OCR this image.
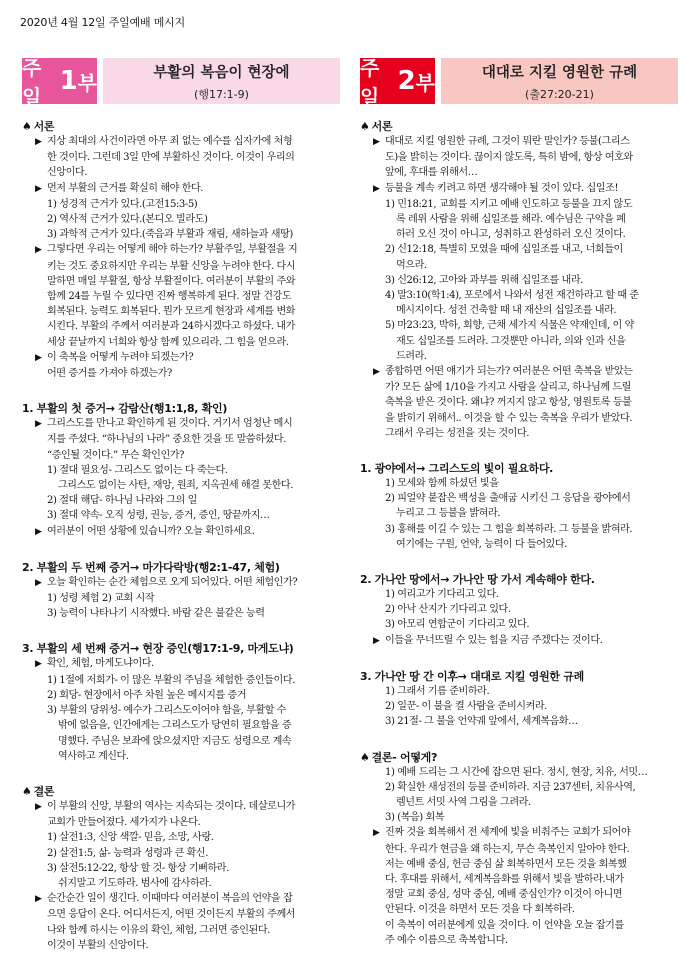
2020년 4월 12일 주일예배 메시지
주일
1 부	부활의 복음이 현장에
(행17:1-9)
♠ 서론
▶ 지상 최대의 사건이라면 아무 죄 없는 예수를 십자가에 처형
한 것이다. 그런데 3일 만에 부활하신 것이다. 이것이 우리의
신앙이다.
▶ 먼저 부활의 근거를 확실히 해야 한다.
1) 성경적 근거가 있다.(고전15:3-5)
2) 역사적 근거가 있다.(본디오 빌라도)
3) 과학적 근거가 있다.(죽음과 부활과 재림, 새하늘과 새땅)
▶ 그렇다면 우리는 어떻게 해야 하는가? 부활주일, 부활절을 지
키는 것도 중요하지만 우리는 부활 신앙을 누려야 한다. 다시
말하면 매일 부활절, 항상 부활절이다. 여러분이 부활의 주와
함께 24를 누릴 수 있다면 진짜 행복하게 된다. 정말 건강도
회복된다. 능력도 회복된다. 뭔가 모르게 현장과 세계를 변화
시킨다. 부활의 주께서 여러분과 24하시겠다고 하셨다. 내가
세상 끝날까지 너희와 항상 함께 있으리라. 그 힘을 얻으라.
▶ 이 축복을 어떻게 누려야 되겠는가?
어떤 증거를 가져야 하겠는가?
1. 부활의 첫 증거→ 감람산(행1:1,8, 확인)
▶ 그리스도를 만나고 확인하게 된 것이다. 거기서 엄청난 메시
지를 주셨다. “하나님의 나라” 중요한 것을 또 말씀하셨다.
“증인될 것이다.” 무슨 확인인가?
1) 절대 필요성- 그리스도 없이는 다 죽는다.
그리스도 없이는 사탄, 재앙, 원죄, 지옥권세 해결 못한다.
2) 절대 해답- 하나님 나라와 그의 일
3) 절대 약속- 오직 성령, 권능, 증거, 증인, 땅끝까지…
▶ 여러분이 어떤 상황에 있습니까? 오늘 확인하세요.
2. 부활의 두 번째 증거→ 마가다락방(행2:1-47, 체험)
▶ 오늘 확인하는 순간 체험으로 오게 되어있다. 어떤 체험인가?
1) 성령 체험 2) 교회 시작
3) 능력이 나타나기 시작했다. 바람 같은 불같은 능력
3. 부활의 세 번째 증거→ 현장 증인(행17:1-9, 마게도냐)
▶ 확인, 체험, 마게도냐이다.
1) 1절에 저희가- 이 많은 부활의 주님을 체험한 증인들이다.
2) 회당- 현장에서 아주 차원 높은 메시지를 증거
3) 부활의 당위성- 예수가 그리스도이어야 함을, 부활할 수
밖에 없음을, 인간에게는 그리스도가 당연히 필요함을 증
명했다. 주님은 보좌에 앉으셨지만 지금도 성령으로 계속
역사하고 계신다.
♠ 결론
▶ 이 부활의 신앙, 부활의 역사는 지속되는 것이다. 데살로니가
교회가 만들어졌다. 세가지가 나온다.
1) 살전1:3, 신앙 색깔- 믿음, 소망, 사랑.
2) 살전1:5, 삶- 능력과 성령과 큰 확신.
3) 살전5:12-22, 항상 할 것- 항상 기뻐하라.
쉬지말고 기도하라. 범사에 감사하라.
▶ 순간순간 일이 생긴다. 이때마다 여러분이 복음의 언약을 잡
으면 응답이 온다. 어디서든지, 어떤 것이든지 부활의 주께서
나와 함께 하시는 이유의 확인, 체험, 그러면 증인된다.
이것이 부활의 신앙이다.
주일
2 부	대대로 지킬 영원한 규례
(출27:20-21)
♠ 서론
▶ 대대로 지킬 영원한 규례, 그것이 뭐란 말인가? 등불(그리스
도)을 밝히는 것이다. 끊이지 않도록, 특히 밤에, 항상 여호와
앞에, 후대를 위해서…
▶ 등불을 계속 키려고 하면 생각해야 될 것이 있다. 십일조!
1) 민18:21, 교회를 지키고 예배 인도하고 등불을 끄지 않도
록 레위 사람을 위해 십일조를 해라. 예수님은 구약을 폐
하러 오신 것이 아니고, 성취하고 완성하러 오신 것이다.
2) 신12:18, 특별히 모였을 때에 십일조를 내고, 너희들이
먹으라.
3) 신26:12, 고아와 과부를 위해 십일조를 내라.
4) 말3:10(학1:4), 포로에서 나와서 성전 재건하라고 할 때 준
메시지이다. 성전 건축할 때 내 재산의 십일조를 내라.
5) 마23:23, 박하, 회향, 근채 세가지 식물은 약재인데, 이 약
재도 십일조를 드려라. 그것뿐만 아니라, 의와 인과 신을
드려라.
▶ 종합하면 어떤 얘기가 되는가? 여러분은 어떤 축복을 받았는
가? 모든 삶에 1/10을 가지고 사람을 살리고, 하나님께 드릴
축복을 받은 것이다. 왜냐? 꺼지지 않고 항상, 영원토록 등불
을 밝히기 위해서.. 이것을 할 수 있는 축복을 우리가 받았다.
그래서 우리는 성전을 짓는 것이다.
1. 광야에서→ 그리스도의 빛이 필요하다.
1) 모세와 함께 하셨던 빛을
2) 피얼약 붙잡은 백성을 출애굽 시키신 그 응답을 광야에서
누리고 그 등불을 밝혀라.
3) 홍해를 이길 수 있는 그 힘을 회복하라. 그 등불을 밝혀라.
여기에는 구원, 언약, 능력이 다 들어있다.
2. 가나안 땅에서→ 가나안 땅 가서 계속해야 한다.
1) 여리고가 기다리고 있다.
2) 아낙 산지가 기다리고 있다.
3) 아모리 연합군이 기다리고 있다.
▶ 이들을 무너뜨릴 수 있는 힘을 지금 주겠다는 것이다.
3. 가나안 땅 간 이후→ 대대로 지킬 영원한 규례
1) 그래서 기름 준비하라.
2) 일꾼- 이 불을 켤 사람을 준비시켜라.
3) 21절- 그 불을 언약궤 앞에서, 세계복음화…
♠ 결론- 어떻게?
1) 예배 드리는 그 시간에 잡으면 된다. 정시, 현장, 치유, 서밋…
2) 확실한 새성전의 등불 준비하라. 지금 237센터, 치유사역,
렘넌트 서밋 사역 그림을 그려라.
3) (복음) 회복
▶ 진짜 것을 회복해서 전 세계에 빛을 비춰주는 교회가 되어야
한다. 우리가 현금을 왜 하는지, 무슨 축복인지 알아야 한다.
저는 예배 중심, 헌금 중심 삶 회복하면서 모든 것을 회복했
다. 후대를 위해서, 세계복음화를 위해서 빛을 발하라.내가
정말 교회 중심, 성막 중심, 예배 중심인가? 이것이 아니면
안된다. 이것을 하면서 모든 것을 다 회복하라.
이 축복이 여러분에게 있을 것이다. 이 언약을 오늘 잡기를
주 예수 이름으로 축복합니다.
